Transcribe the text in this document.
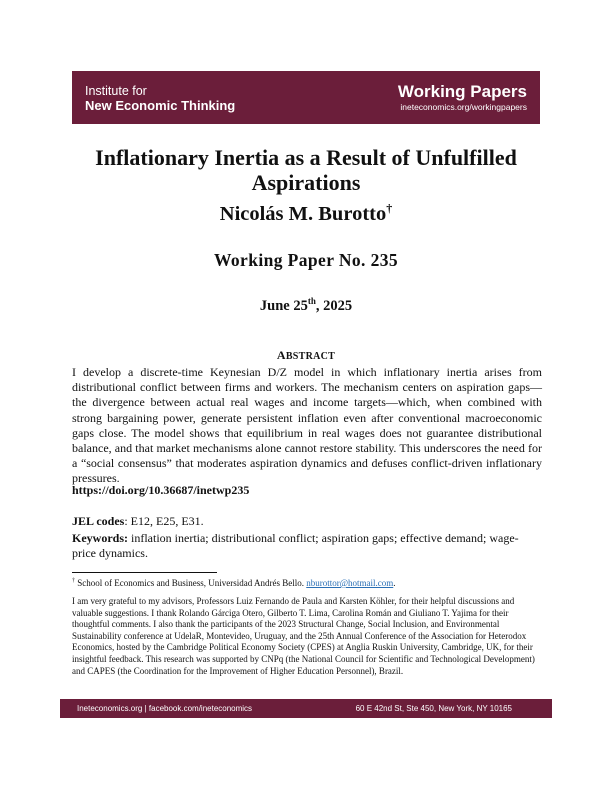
Institute for
New Economic Thinking
Working Papers
ineteconomics.org/workingpapers
Inflationary Inertia as a Result of Unfulfilled
Aspirations
Nicolás M. Burotto†
Working Paper No. 235
June 25th, 2025
ABSTRACT
I develop a discrete-time Keynesian D/Z model in which inflationary inertia arises from distributional conflict between firms and workers. The mechanism centers on aspiration gaps—the divergence between actual real wages and income targets—which, when combined with strong bargaining power, generate persistent inflation even after conventional macroeconomic gaps close. The model shows that equilibrium in real wages does not guarantee distributional balance, and that market mechanisms alone cannot restore stability. This underscores the need for a “social consensus” that moderates aspiration dynamics and defuses conflict-driven inflationary pressures.
https://doi.org/10.36687/inetwp235
JEL codes: E12, E25, E31.
Keywords: inflation inertia; distributional conflict; aspiration gaps; effective demand; wage-price dynamics.
† School of Economics and Business, Universidad Andrés Bello. nburottor@hotmail.com.
I am very grateful to my advisors, Professors Luiz Fernando de Paula and Karsten Köhler, for their helpful discussions and valuable suggestions. I thank Rolando Gárciga Otero, Gilberto T. Lima, Carolina Román and Giuliano T. Yajima for their thoughtful comments. I also thank the participants of the 2023 Structural Change, Social Inclusion, and Environmental Sustainability conference at UdelaR, Montevideo, Uruguay, and the 25th Annual Conference of the Association for Heterodox Economics, hosted by the Cambridge Political Economy Society (CPES) at Anglia Ruskin University, Cambridge, UK, for their insightful feedback. This research was supported by CNPq (the National Council for Scientific and Technological Development) and CAPES (the Coordination for the Improvement of Higher Education Personnel), Brazil.
Ineteconomics.org | facebook.com/ineteconomics	60 E 42nd St, Ste 450, New York, NY 10165
